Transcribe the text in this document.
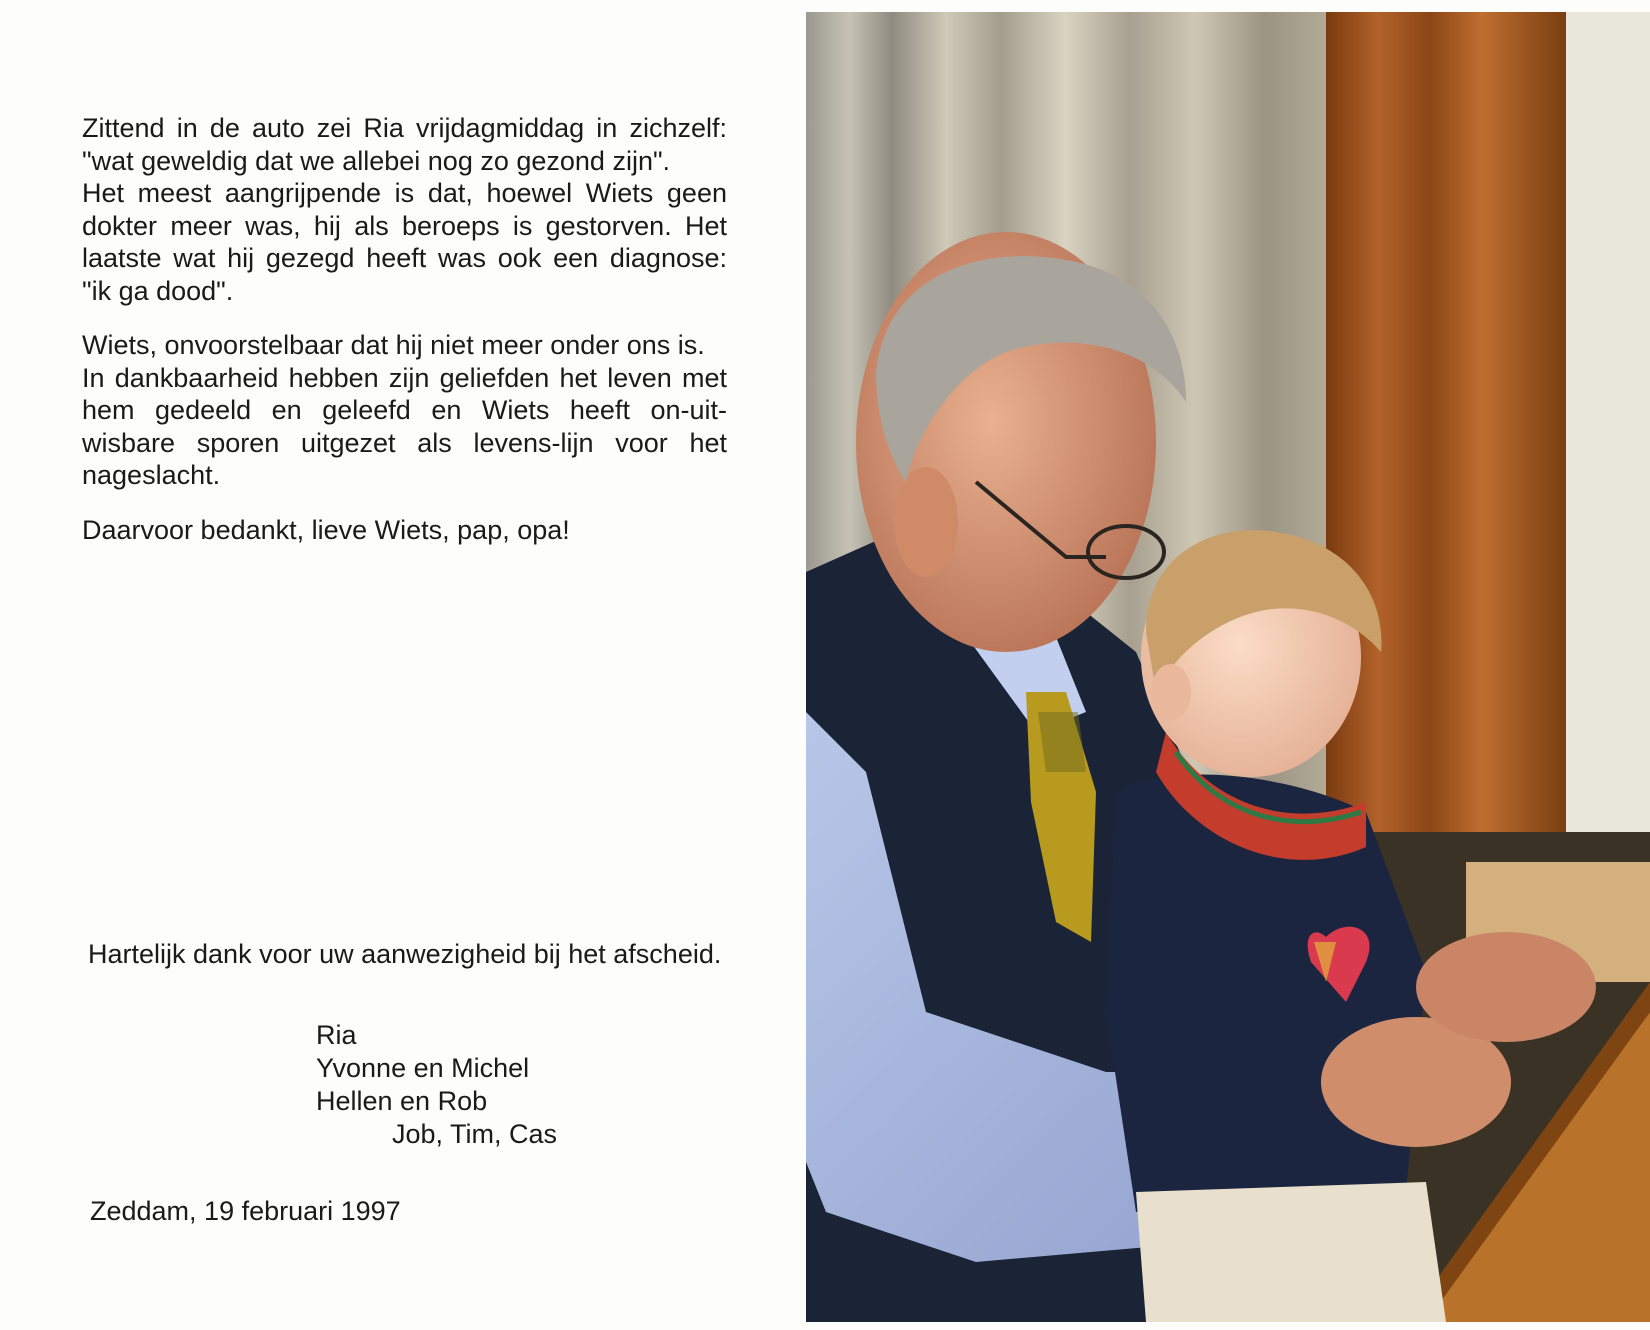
Zittend in de auto zei Ria vrijdagmiddag in zichzelf: "wat geweldig dat we allebei nog zo gezond zijn".

Het meest aangrijpende is dat, hoewel Wiets geen dokter meer was, hij als beroeps is gestorven. Het laatste wat hij gezegd heeft was ook een diagnose: "ik ga dood".

Wiets, onvoorstelbaar dat hij niet meer onder ons is.

In dankbaarheid hebben zijn geliefden het leven met hem gedeeld en geleefd en Wiets heeft on-uit-wisbare sporen uitgezet als levens-lijn voor het nageslacht.

Daarvoor bedankt, lieve Wiets, pap, opa!

Hartelijk dank voor uw aanwezigheid bij het afscheid.

Ria
Yvonne en Michel
Hellen en Rob
Job, Tim, Cas
Zeddam, 19 februari 1997
